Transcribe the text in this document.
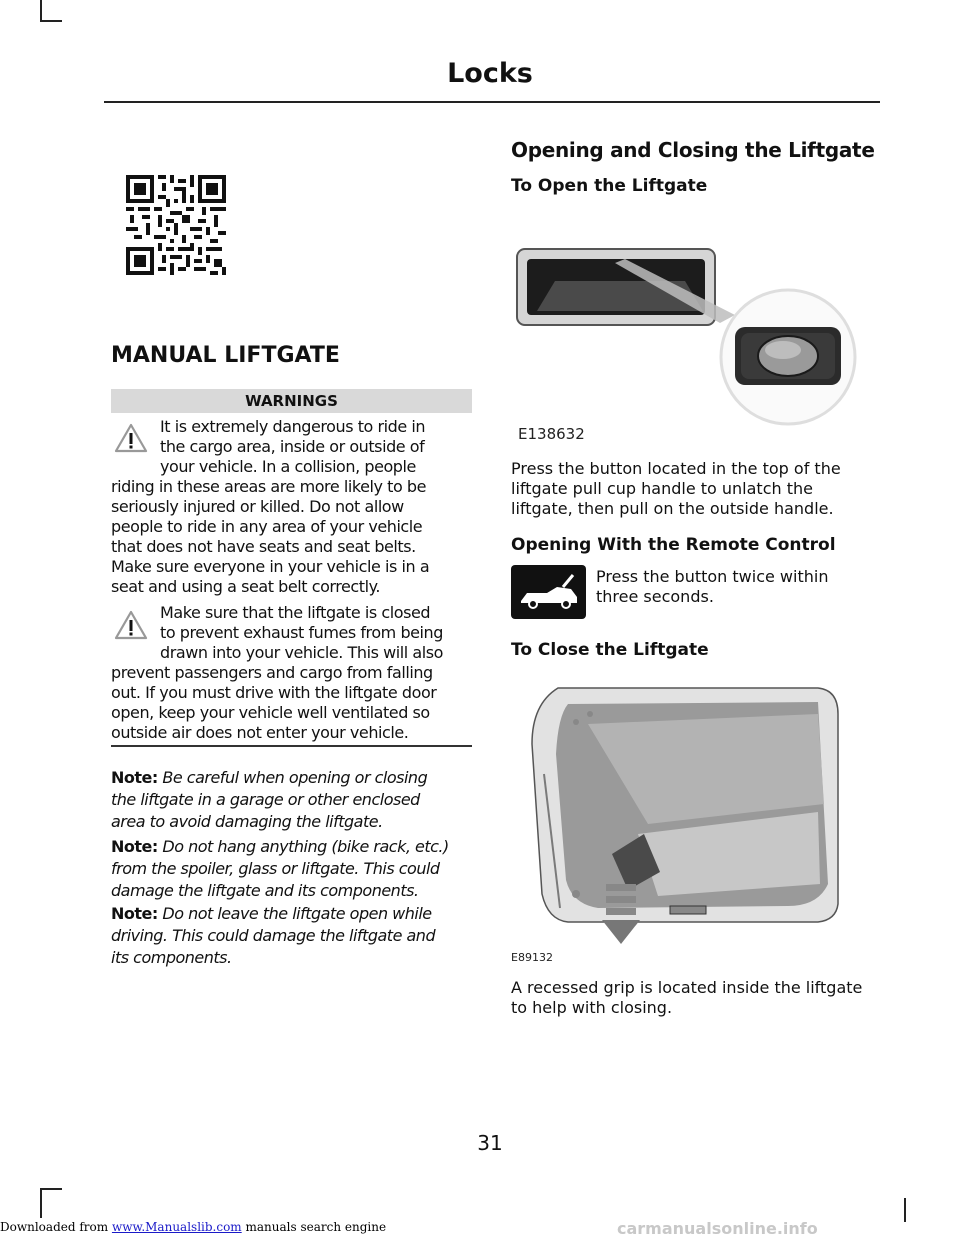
Locks
MANUAL LIFTGATE
WARNINGS
It is extremely dangerous to ride in
the cargo area, inside or outside of
your vehicle. In a collision, people
riding in these areas are more likely to be
seriously injured or killed. Do not allow
people to ride in any area of your vehicle
that does not have seats and seat belts.
Make sure everyone in your vehicle is in a
seat and using a seat belt correctly.
Make sure that the liftgate is closed
to prevent exhaust fumes from being
drawn into your vehicle. This will also
prevent passengers and cargo from falling
out. If you must drive with the liftgate door
open, keep your vehicle well ventilated so
outside air does not enter your vehicle.
Note: Be careful when opening or closing
the liftgate in a garage or other enclosed
area to avoid damaging the liftgate.
Note: Do not hang anything (bike rack, etc.)
from the spoiler, glass or liftgate. This could
damage the liftgate and its components.
Note: Do not leave the liftgate open while
driving. This could damage the liftgate and
its components.
Opening and Closing the Liftgate
To Open the Liftgate
E138632
Press the button located in the top of the
liftgate pull cup handle to unlatch the
liftgate, then pull on the outside handle.
Opening With the Remote Control
Press the button twice within
three seconds.
To Close the Liftgate
E89132
A recessed grip is located inside the liftgate
to help with closing.
31
Downloaded from www.Manualslib.com manuals search engine	carmanualsonline.info
